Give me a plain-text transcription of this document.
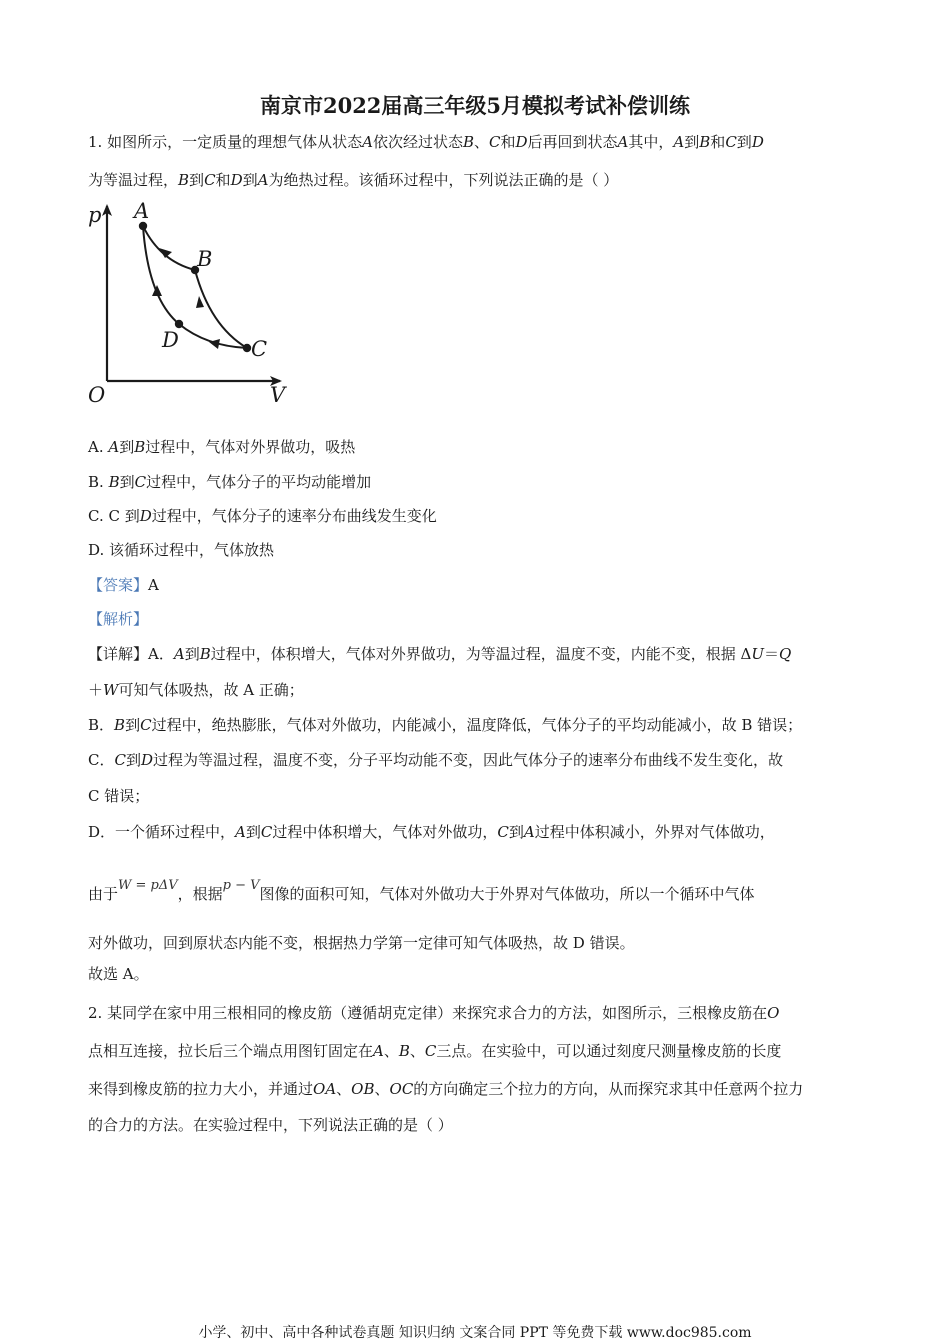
南京市2022届高三年级5月模拟考试补偿训练
1. 如图所示，一定质量的理想气体从状态A依次经过状态B、C和D后再回到状态A其中，A到B和C到D
为等温过程，B到C和D到A为绝热过程。该循环过程中，下列说法正确的是（ ）
p
V
O
A
B
C
D
A. A到B过程中，气体对外界做功，吸热
B. B到C过程中，气体分子的平均动能增加
C. C 到D过程中，气体分子的速率分布曲线发生变化
D. 该循环过程中，气体放热
【答案】A
【解析】
【详解】A．A到B过程中，体积增大，气体对外界做功，为等温过程，温度不变，内能不变，根据 ΔU＝Q
＋W可知气体吸热，故 A 正确；
B．B到C过程中，绝热膨胀，气体对外做功，内能减小，温度降低，气体分子的平均动能减小，故 B 错误；
C．C到D过程为等温过程，温度不变，分子平均动能不变，因此气体分子的速率分布曲线不发生变化，故
C 错误；
D．一个循环过程中，A到C过程中体积增大，气体对外做功，C到A过程中体积减小，外界对气体做功，
由于W = pΔV，根据p − V图像的面积可知，气体对外做功大于外界对气体做功，所以一个循环中气体
对外做功，回到原状态内能不变，根据热力学第一定律可知气体吸热，故 D 错误。
故选 A。
2. 某同学在家中用三根相同的橡皮筋（遵循胡克定律）来探究求合力的方法，如图所示，三根橡皮筋在O
点相互连接，拉长后三个端点用图钉固定在A、B、C三点。在实验中，可以通过刻度尺测量橡皮筋的长度
来得到橡皮筋的拉力大小，并通过OA、OB、OC的方向确定三个拉力的方向，从而探究求其中任意两个拉力
的合力的方法。在实验过程中，下列说法正确的是（ ）
小学、初中、高中各种试卷真题 知识归纳 文案合同 PPT 等免费下载 www.doc985.com
